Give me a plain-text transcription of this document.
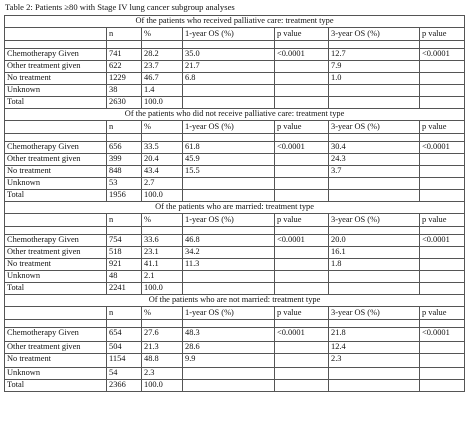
Table 2: Patients ≥80 with Stage IV lung cancer subgroup analyses
Of the patients who received palliative care: treatment type						
	n	%	1-year OS (%)	p value	3-year OS (%)	p value

Chemotherapy Given	741	28.2	35.0	<0.0001	12.7	<0.0001
Other treatment given	622	23.7	21.7		7.9	
No treatment	1229	46.7	6.8		1.0	
Unknown	38	1.4				
Total	2630	100.0				
Of the patients who did not receive palliative care: treatment type						
	n	%	1-year OS (%)	p value	3-year OS (%)	p value

Chemotherapy Given	656	33.5	61.8	<0.0001	30.4	<0.0001
Other treatment given	399	20.4	45.9		24.3	
No treatment	848	43.4	15.5		3.7	
Unknown	53	2.7				
Total	1956	100.0				
Of the patients who are married: treatment type						
	n	%	1-year OS (%)	p value	3-year OS (%)	p value

Chemotherapy Given	754	33.6	46.8	<0.0001	20.0	<0.0001
Other treatment given	518	23.1	34.2		16.1	
No treatment	921	41.1	11.3		1.8	
Unknown	48	2.1				
Total	2241	100.0				
Of the patients who are not married: treatment type						
	n	%	1-year OS (%)	p value	3-year OS (%)	p value

Chemotherapy Given	654	27.6	48.3	<0.0001	21.8	<0.0001
Other treatment given	504	21.3	28.6		12.4	
No treatment	1154	48.8	9.9		2.3	
Unknown	54	2.3				
Total	2366	100.0				
